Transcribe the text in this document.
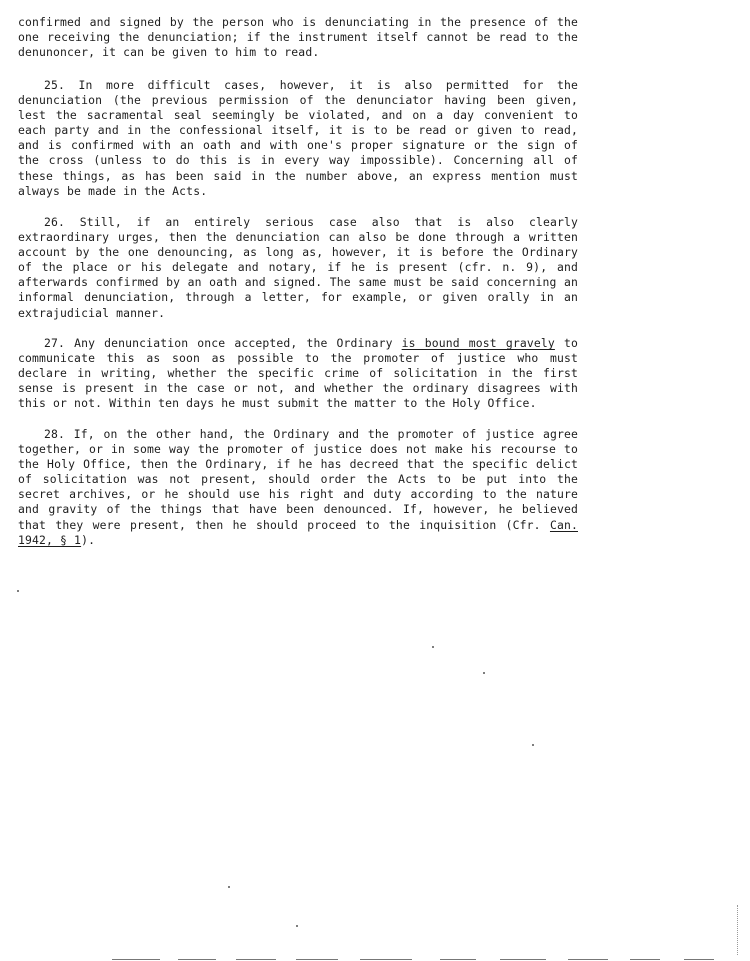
confirmed and signed by the person who is denunciating in the presence of the one receiving the denunciation; if the instrument itself cannot be read to the denunoncer, it can be given to him to read.

25. In more difficult cases, however, it is also permitted for the denunciation (the previous permission of the denunciator having been given, lest the sacramental seal seemingly be violated, and on a day convenient to each party and in the confessional itself, it is to be read or given to read, and is confirmed with an oath and with one's proper signature or the sign of the cross (unless to do this is in every way impossible). Concerning all of these things, as has been said in the number above, an express mention must always be made in the Acts.

26. Still, if an entirely serious case also that is also clearly extraordinary urges, then the denunciation can also be done through a written account by the one denouncing, as long as, however, it is before the Ordinary of the place or his delegate and notary, if he is present (cfr. n. 9), and afterwards confirmed by an oath and signed. The same must be said concerning an informal denunciation, through a letter, for example, or given orally in an extrajudicial manner.

27. Any denunciation once accepted, the Ordinary is bound most gravely to communicate this as soon as possible to the promoter of justice who must declare in writing, whether the specific crime of solicitation in the first sense is present in the case or not, and whether the ordinary disagrees with this or not. Within ten days he must submit the matter to the Holy Office.

28. If, on the other hand, the Ordinary and the promoter of justice agree together, or in some way the promoter of justice does not make his recourse to the Holy Office, then the Ordinary, if he has decreed that the specific delict of solicitation was not present, should order the Acts to be put into the secret archives, or he should use his right and duty according to the nature and gravity of the things that have been denounced. If, however, he believed that they were present, then he should proceed to the inquisition (Cfr. Can. 1942, § 1).
